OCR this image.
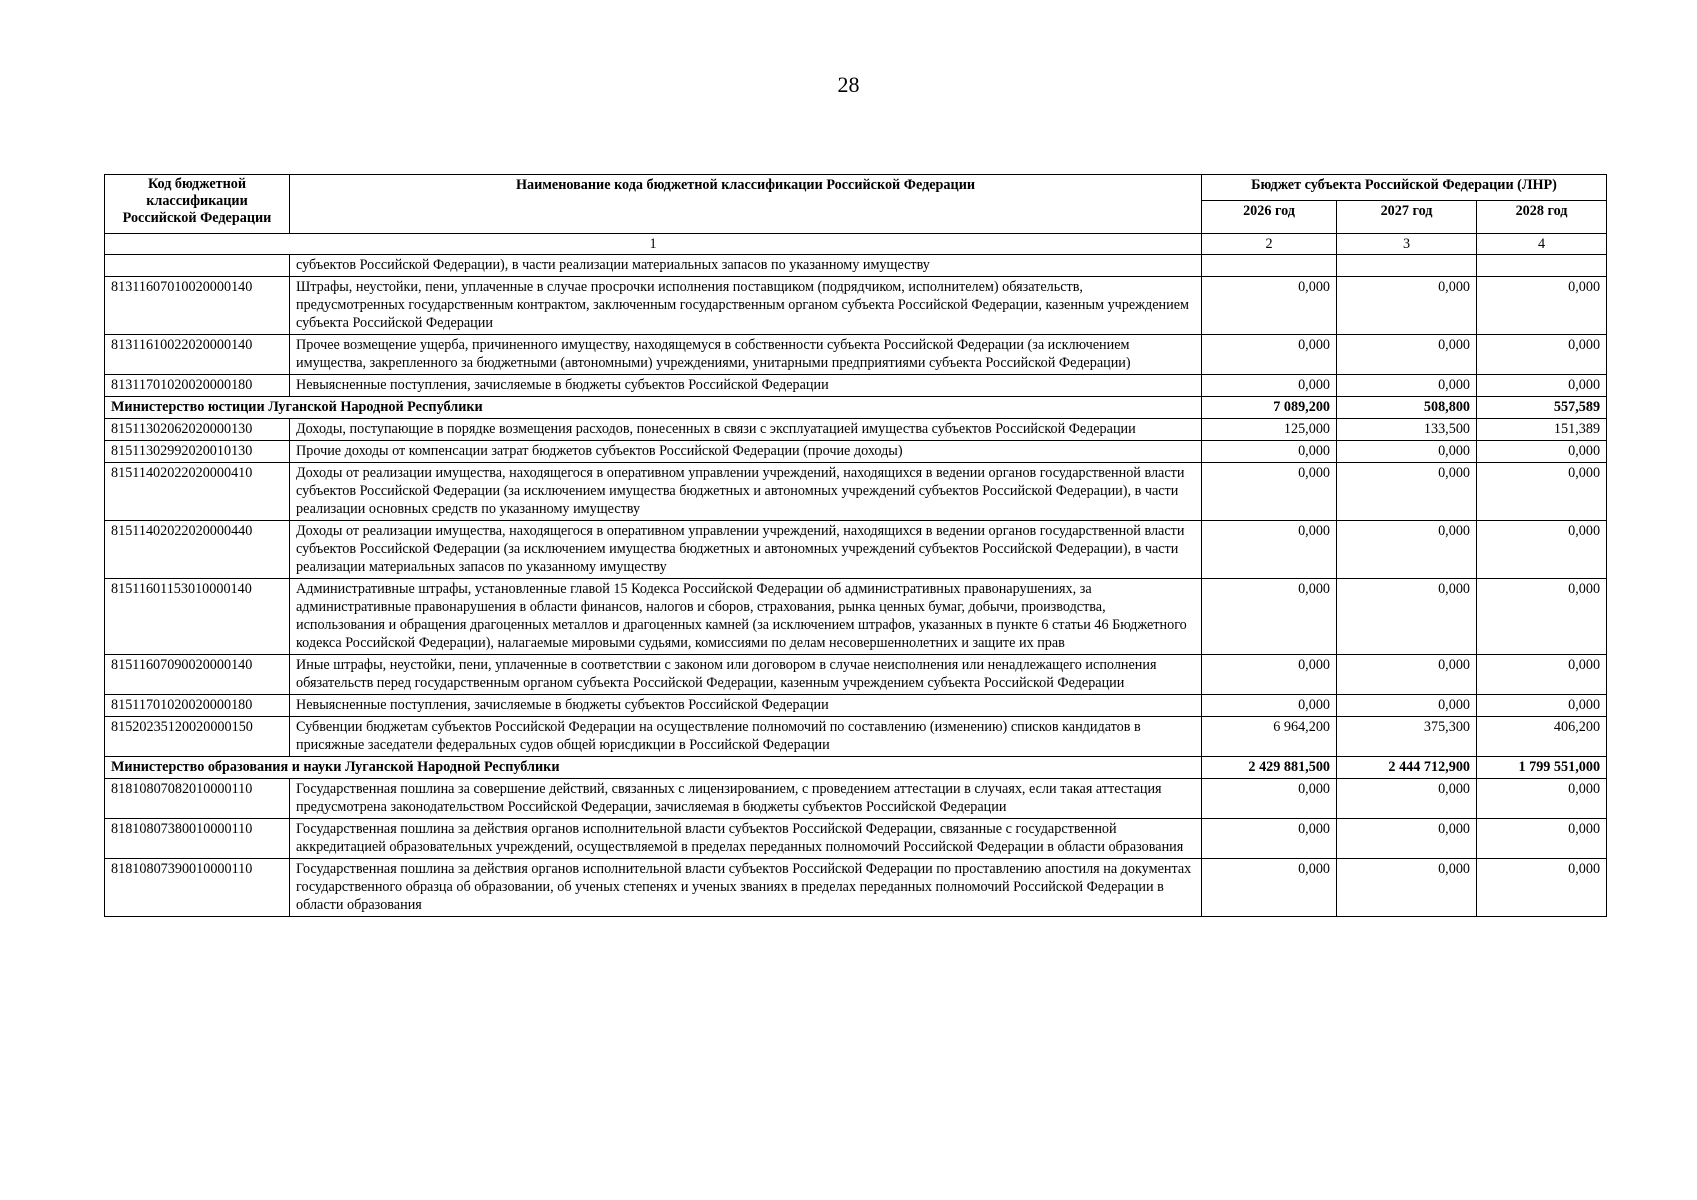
28
Код бюджетной классификации Российской Федерации	Наименование кода бюджетной классификации Российской Федерации	Бюджет субъекта Российской Федерации (ЛНР)		
		2026 год	2027 год	2028 год
1		2	3	4
	субъектов Российской Федерации), в части реализации материальных запасов по указанному имуществу			
81311607010020000140	Штрафы, неустойки, пени, уплаченные в случае просрочки исполнения поставщиком (подрядчиком, исполнителем) обязательств, предусмотренных государственным контрактом, заключенным государственным органом субъекта Российской Федерации, казенным учреждением субъекта Российской Федерации	0,000	0,000	0,000
81311610022020000140	Прочее возмещение ущерба, причиненного имуществу, находящемуся в собственности субъекта Российской Федерации (за исключением имущества, закрепленного за бюджетными (автономными) учреждениями, унитарными предприятиями субъекта Российской Федерации)	0,000	0,000	0,000
81311701020020000180	Невыясненные поступления, зачисляемые в бюджеты субъектов Российской Федерации	0,000	0,000	0,000
Министерство юстиции Луганской Народной Республики		7 089,200	508,800	557,589
81511302062020000130	Доходы, поступающие в порядке возмещения расходов, понесенных в связи с эксплуатацией имущества субъектов Российской Федерации	125,000	133,500	151,389
81511302992020010130	Прочие доходы от компенсации затрат бюджетов субъектов Российской Федерации (прочие доходы)	0,000	0,000	0,000
81511402022020000410	Доходы от реализации имущества, находящегося в оперативном управлении учреждений, находящихся в ведении органов государственной власти субъектов Российской Федерации (за исключением имущества бюджетных и автономных учреждений субъектов Российской Федерации), в части реализации основных средств по указанному имуществу	0,000	0,000	0,000
81511402022020000440	Доходы от реализации имущества, находящегося в оперативном управлении учреждений, находящихся в ведении органов государственной власти субъектов Российской Федерации (за исключением имущества бюджетных и автономных учреждений субъектов Российской Федерации), в части реализации материальных запасов по указанному имуществу	0,000	0,000	0,000
81511601153010000140	Административные штрафы, установленные главой 15 Кодекса Российской Федерации об административных правонарушениях, за административные правонарушения в области финансов, налогов и сборов, страхования, рынка ценных бумаг, добычи, производства, использования и обращения драгоценных металлов и драгоценных камней (за исключением штрафов, указанных в пункте 6 статьи 46 Бюджетного кодекса Российской Федерации), налагаемые мировыми судьями, комиссиями по делам несовершеннолетних и защите их прав	0,000	0,000	0,000
81511607090020000140	Иные штрафы, неустойки, пени, уплаченные в соответствии с законом или договором в случае неисполнения или ненадлежащего исполнения обязательств перед государственным органом субъекта Российской Федерации, казенным учреждением субъекта Российской Федерации	0,000	0,000	0,000
81511701020020000180	Невыясненные поступления, зачисляемые в бюджеты субъектов Российской Федерации	0,000	0,000	0,000
81520235120020000150	Субвенции бюджетам субъектов Российской Федерации на осуществление полномочий по составлению (изменению) списков кандидатов в присяжные заседатели федеральных судов общей юрисдикции в Российской Федерации	6 964,200	375,300	406,200
Министерство образования и науки Луганской Народной Республики		2 429 881,500	2 444 712,900	1 799 551,000
81810807082010000110	Государственная пошлина за совершение действий, связанных с лицензированием, с проведением аттестации в случаях, если такая аттестация предусмотрена законодательством Российской Федерации, зачисляемая в бюджеты субъектов Российской Федерации	0,000	0,000	0,000
81810807380010000110	Государственная пошлина за действия органов исполнительной власти субъектов Российской Федерации, связанные с государственной аккредитацией образовательных учреждений, осуществляемой в пределах переданных полномочий Российской Федерации в области образования	0,000	0,000	0,000
81810807390010000110	Государственная пошлина за действия органов исполнительной власти субъектов Российской Федерации по проставлению апостиля на документах государственного образца об образовании, об ученых степенях и ученых званиях в пределах переданных полномочий Российской Федерации в области образования	0,000	0,000	0,000
